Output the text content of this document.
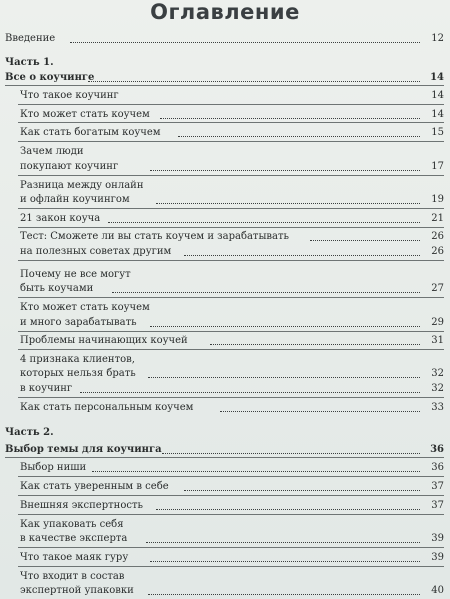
Оглавление
Введение	12
Часть 1.
Все о коучинге	14
Что такое коучинг	14
Кто может стать коучем	14
Как стать богатым коучем	15
Зачем люди
покупают коучинг	17
Разница между онлайн
и офлайн коучингом	19
21 закон коуча	21
Тест: Сможете ли вы стать коучем и зарабатывать	26
на полезных советах другим	26
Почему не все могут
быть коучами	27
Кто может стать коучем
и много зарабатывать	29
Проблемы начинающих коучей	31
4 признака клиентов,
которых нельзя брать	32
в коучинг	32
Как стать персональным коучем	33
Часть 2.
Выбор темы для коучинга	36
Выбор ниши	36
Как стать уверенным в себе	37
Внешняя экспертность	37
Как упаковать себя
в качестве эксперта	39
Что такое маяк гуру	39
Что входит в состав
экспертной упаковки	40
